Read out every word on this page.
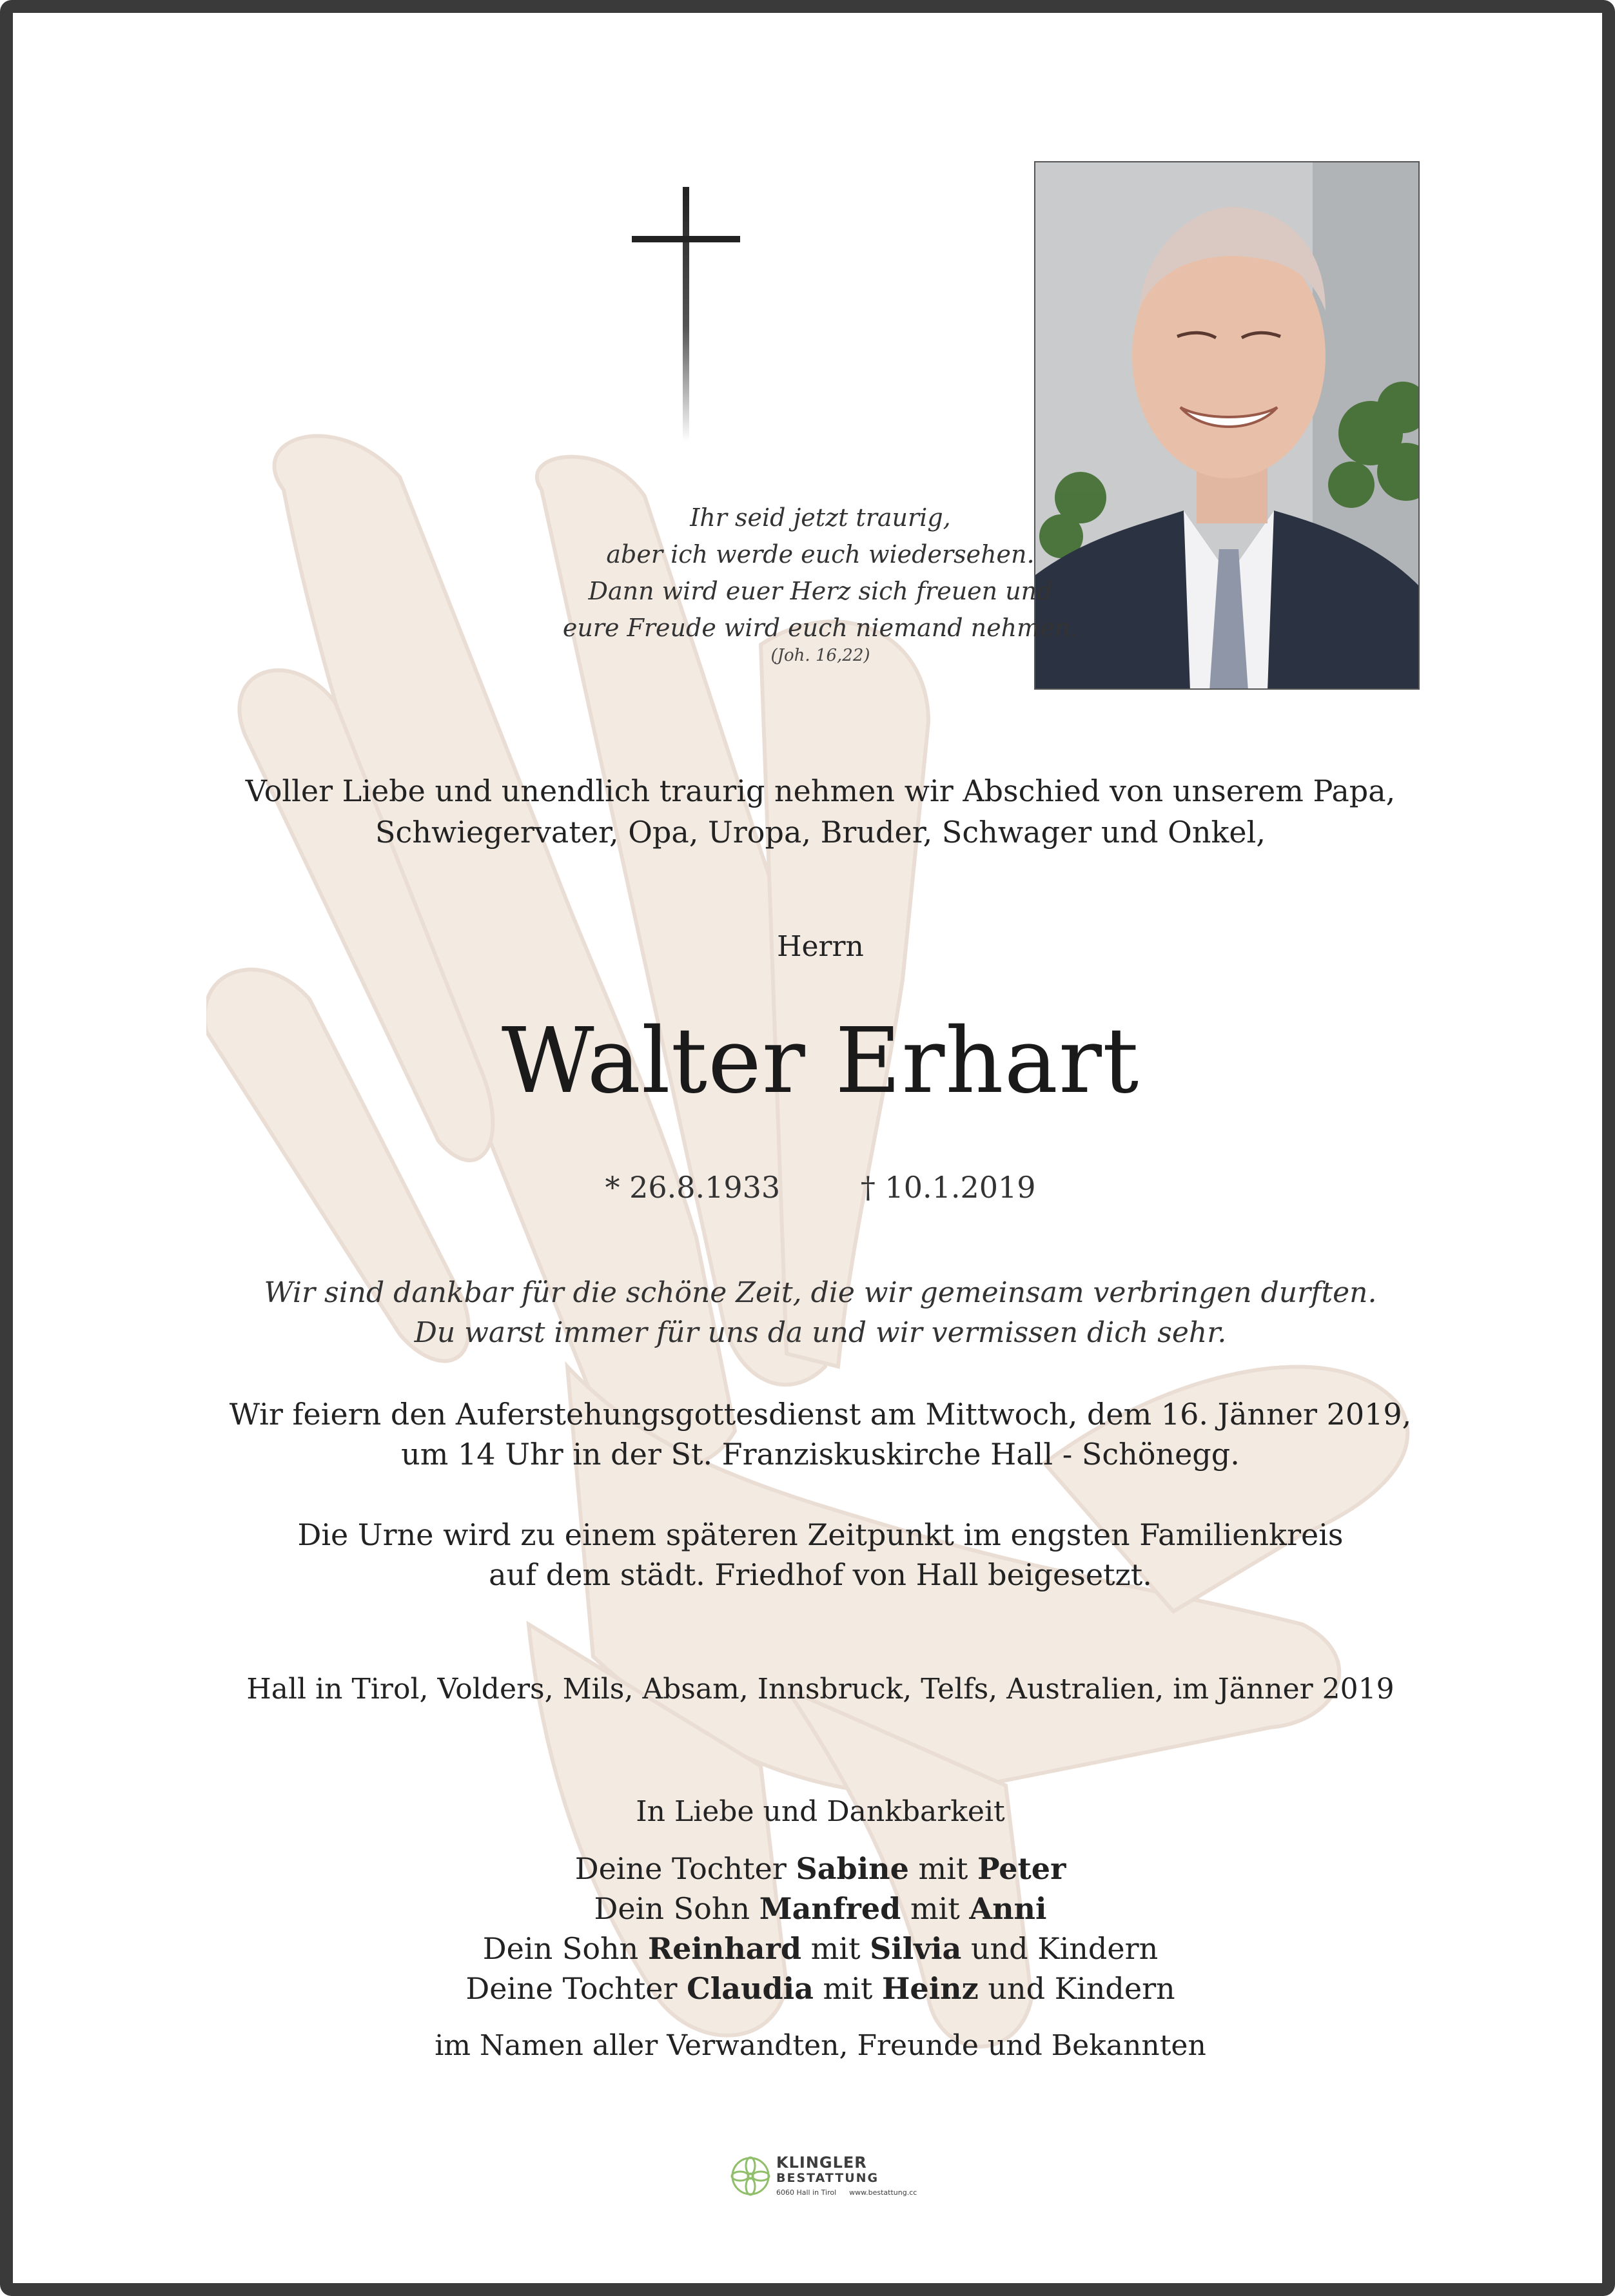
Ihr seid jetzt traurig,
aber ich werde euch wiedersehen.
Dann wird euer Herz sich freuen und
eure Freude wird euch niemand nehmen.
(Joh. 16,22)
Voller Liebe und unendlich traurig nehmen wir Abschied von unserem Papa,
Schwiegervater, Opa, Uropa, Bruder, Schwager und Onkel,
Herrn
Walter Erhart
* 26.8.1933	† 10.1.2019
Wir sind dankbar für die schöne Zeit, die wir gemeinsam verbringen durften.
Du warst immer für uns da und wir vermissen dich sehr.
Wir feiern den Auferstehungsgottesdienst am Mittwoch, dem 16. Jänner 2019,
um 14 Uhr in der St. Franziskuskirche Hall - Schönegg.
Die Urne wird zu einem späteren Zeitpunkt im engsten Familienkreis
auf dem städt. Friedhof von Hall beigesetzt.
Hall in Tirol, Volders, Mils, Absam, Innsbruck, Telfs, Australien, im Jänner 2019
In Liebe und Dankbarkeit
Deine Tochter Sabine mit Peter
Dein Sohn Manfred mit Anni
Dein Sohn Reinhard mit Silvia und Kindern
Deine Tochter Claudia mit Heinz und Kindern
im Namen aller Verwandten, Freunde und Bekannten
KLINGLER
BESTATTUNG
6060 Hall in Tirol www.bestattung.cc
